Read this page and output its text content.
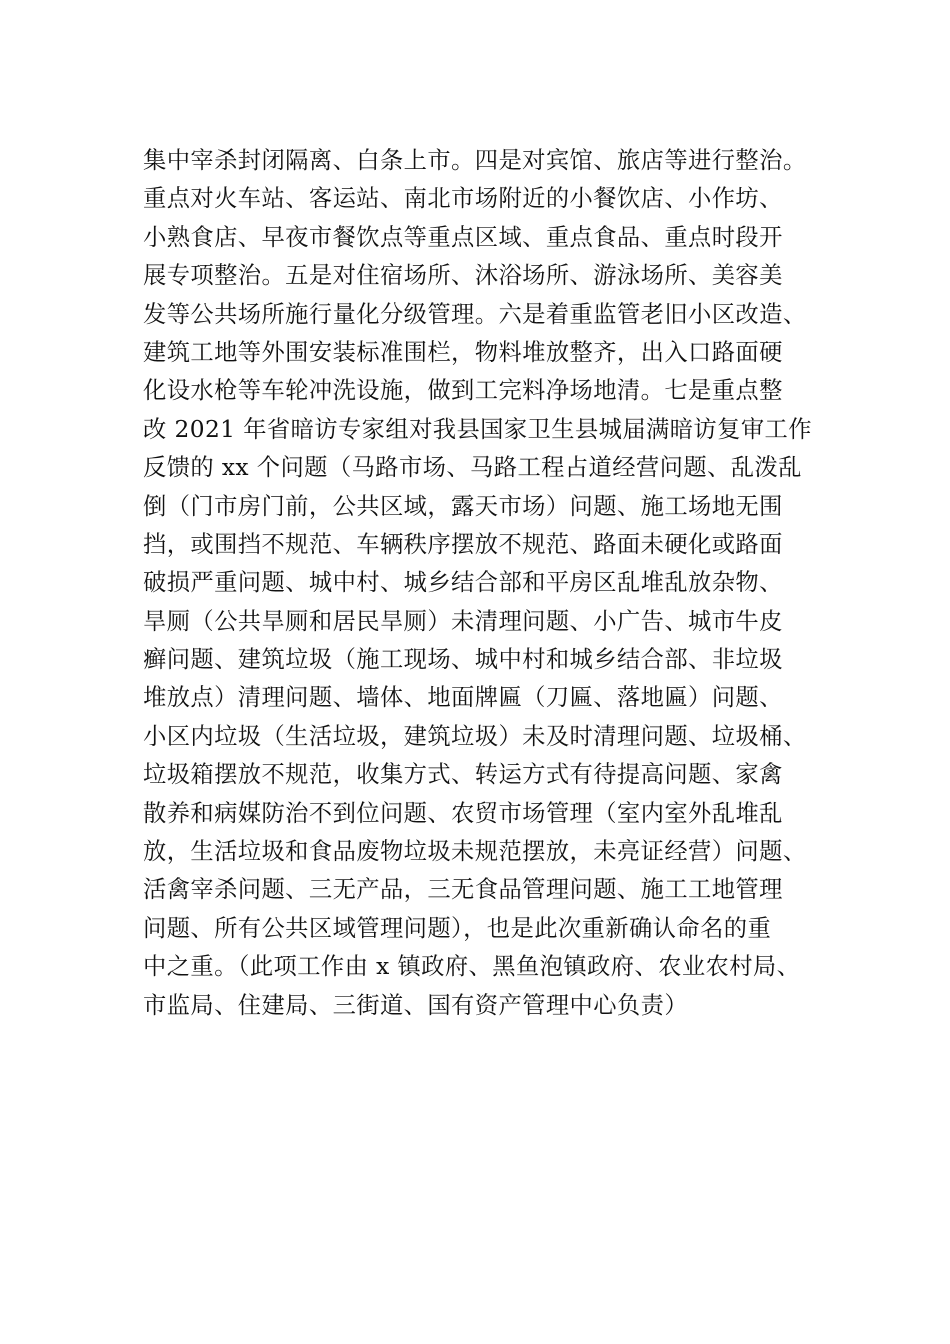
集中宰杀封闭隔离、白条上市。四是对宾馆、旅店等进行整治。
重点对火车站、客运站、南北市场附近的小餐饮店、小作坊、
小熟食店、早夜市餐饮点等重点区域、重点食品、重点时段开
展专项整治。五是对住宿场所、沐浴场所、游泳场所、美容美
发等公共场所施行量化分级管理。六是着重监管老旧小区改造、
建筑工地等外围安装标准围栏，物料堆放整齐，出入口路面硬
化设水枪等车轮冲洗设施，做到工完料净场地清。七是重点整
改 2021 年省暗访专家组对我县国家卫生县城届满暗访复审工作
反馈的 xx 个问题（马路市场、马路工程占道经营问题、乱泼乱
倒（门市房门前，公共区域，露天市场）问题、施工场地无围
挡，或围挡不规范、车辆秩序摆放不规范、路面未硬化或路面
破损严重问题、城中村、城乡结合部和平房区乱堆乱放杂物、
旱厕（公共旱厕和居民旱厕）未清理问题、小广告、城市牛皮
癣问题、建筑垃圾（施工现场、城中村和城乡结合部、非垃圾
堆放点）清理问题、墙体、地面牌匾（刀匾、落地匾）问题、
小区内垃圾（生活垃圾，建筑垃圾）未及时清理问题、垃圾桶、
垃圾箱摆放不规范，收集方式、转运方式有待提高问题、家禽
散养和病媒防治不到位问题、农贸市场管理（室内室外乱堆乱
放，生活垃圾和食品废物垃圾未规范摆放，未亮证经营）问题、
活禽宰杀问题、三无产品，三无食品管理问题、施工工地管理
问题、所有公共区域管理问题），也是此次重新确认命名的重
中之重。（此项工作由 x 镇政府、黑鱼泡镇政府、农业农村局、
市监局、住建局、三街道、国有资产管理中心负责）
